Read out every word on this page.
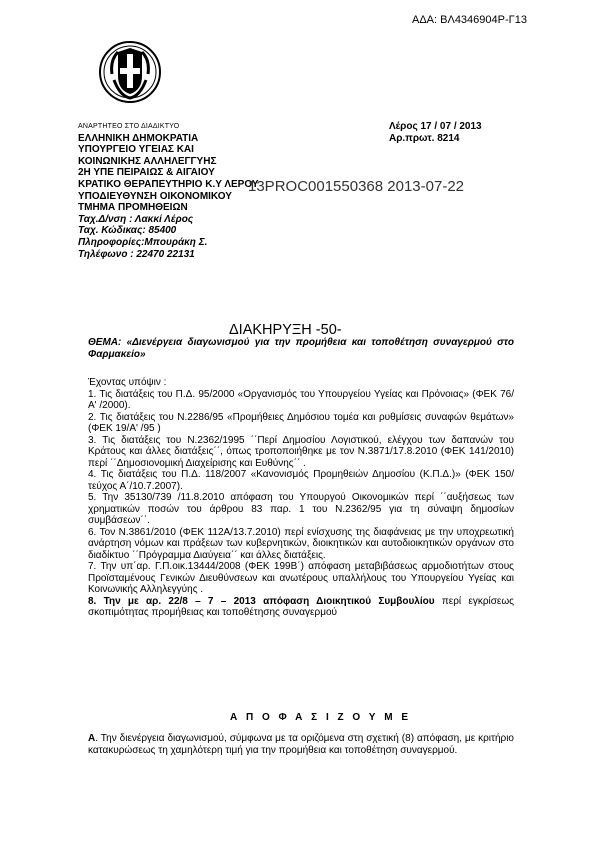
ΑΔΑ: ΒΛ4346904Ρ-Γ13
ΑΝΑΡΤΗΤΕΟ ΣΤΟ ΔΙΑΔΙΚΤΥΟ
ΕΛΛΗΝΙΚΗ ΔΗΜΟΚΡΑΤΙΑ
ΥΠΟΥΡΓΕΙΟ ΥΓΕΙΑΣ ΚΑΙ
ΚΟΙΝΩΝΙΚΗΣ ΑΛΛΗΛΕΓΓΥΗΣ
2Η ΥΠΕ ΠΕΙΡΑΙΩΣ & ΑΙΓΑΙΟΥ
ΚΡΑΤΙΚΟ ΘΕΡΑΠΕΥΤΗΡΙΟ Κ.Υ ΛΕΡΟΥ
ΥΠΟΔΙΕΥΘΥΝΣΗ ΟΙΚΟΝΟΜΙΚΟΥ
ΤΜΗΜΑ ΠΡΟΜΗΘΕΙΩΝ
Ταχ.Δ/νση : Λακκί Λέρος
Ταχ. Κώδικας: 85400
Πληροφορίες:Μπουράκη Σ.
Τηλέφωνο : 22470 22131
Λέρος 17 / 07 / 2013
Αρ.πρωτ. 8214
13PROC001550368 2013-07-22
ΔΙΑΚΗΡΥΞΗ -50-
ΘΕΜΑ: «Διενέργεια διαγωνισμού για την προμήθεια και τοποθέτηση συναγερμού στο Φαρμακείο»

Έχοντας υπόψιν :

1. Τις διατάξεις του Π.Δ. 95/2000 «Οργανισμός του Υπουργείου Υγείας και Πρόνοιας» (ΦΕΚ 76/Α' /2000).

2. Τις διατάξεις του Ν.2286/95 «Προμήθειες Δημόσιου τομέα και ρυθμίσεις συναφών θεμάτων» (ΦΕΚ 19/Α' /95 )

3. Τις διατάξεις του Ν.2362/1995 ΄΄Περί Δημοσίου Λογιστικού, ελέγχου των δαπανών του Κράτους και άλλες διατάξεις΄΄, όπως τροποποιήθηκε με τον Ν.3871/17.8.2010 (ΦΕΚ 141/2010) περί ΄΄Δημοσιονομική Διαχείρισης και Ευθύνης΄΄ .

4. Τις διατάξεις του Π.Δ. 118/2007 «Κανονισμός Προμηθειών Δημοσίου (Κ.Π.Δ.)» (ΦΕΚ 150/τεύχος Α΄/10.7.2007).

5. Την 35130/739 /11.8.2010 απόφαση του Υπουργού Οικονομικών περί ΄΄αυξήσεως των χρηματικών ποσών του άρθρου 83 παρ. 1 του Ν.2362/95 για τη σύναψη δημοσίων συμβάσεων΄΄.

6. Τον Ν.3861/2010 (ΦΕΚ 112Α/13.7.2010) περί ενίσχυσης της διαφάνειας με την υποχρεωτική ανάρτηση νόμων και πράξεων των κυβερνητικών, διοικητικών και αυτοδιοικητικών οργάνων στο διαδίκτυο ΄΄Πρόγραμμα Διαύγεια΄΄ και άλλες διατάξεις.

7. Την υπ΄αρ. Γ.Π.οικ.13444/2008 (ΦΕΚ 199Β΄) απόφαση μεταβιβάσεως αρμοδιοτήτων στους Προϊσταμένους Γενικών Διευθύνσεων και ανωτέρους υπαλλήλους του Υπουργείου Υγείας και Κοινωνικής Αλληλεγγύης .

8. Την με αρ. 22/8 – 7 – 2013 απόφαση Διοικητικού Συμβουλίου περί εγκρίσεως σκοπιμότητας προμήθειας και τοποθέτησης συναγερμού

Α Π Ο Φ Α Σ Ι Ζ Ο Υ Μ Ε
Α. Την διενέργεια διαγωνισμού, σύμφωνα με τα οριζόμενα στη σχετική (8) απόφαση, με κριτήριο κατακυρώσεως τη χαμηλότερη τιμή για την προμήθεια και τοποθέτηση συναγερμού.
